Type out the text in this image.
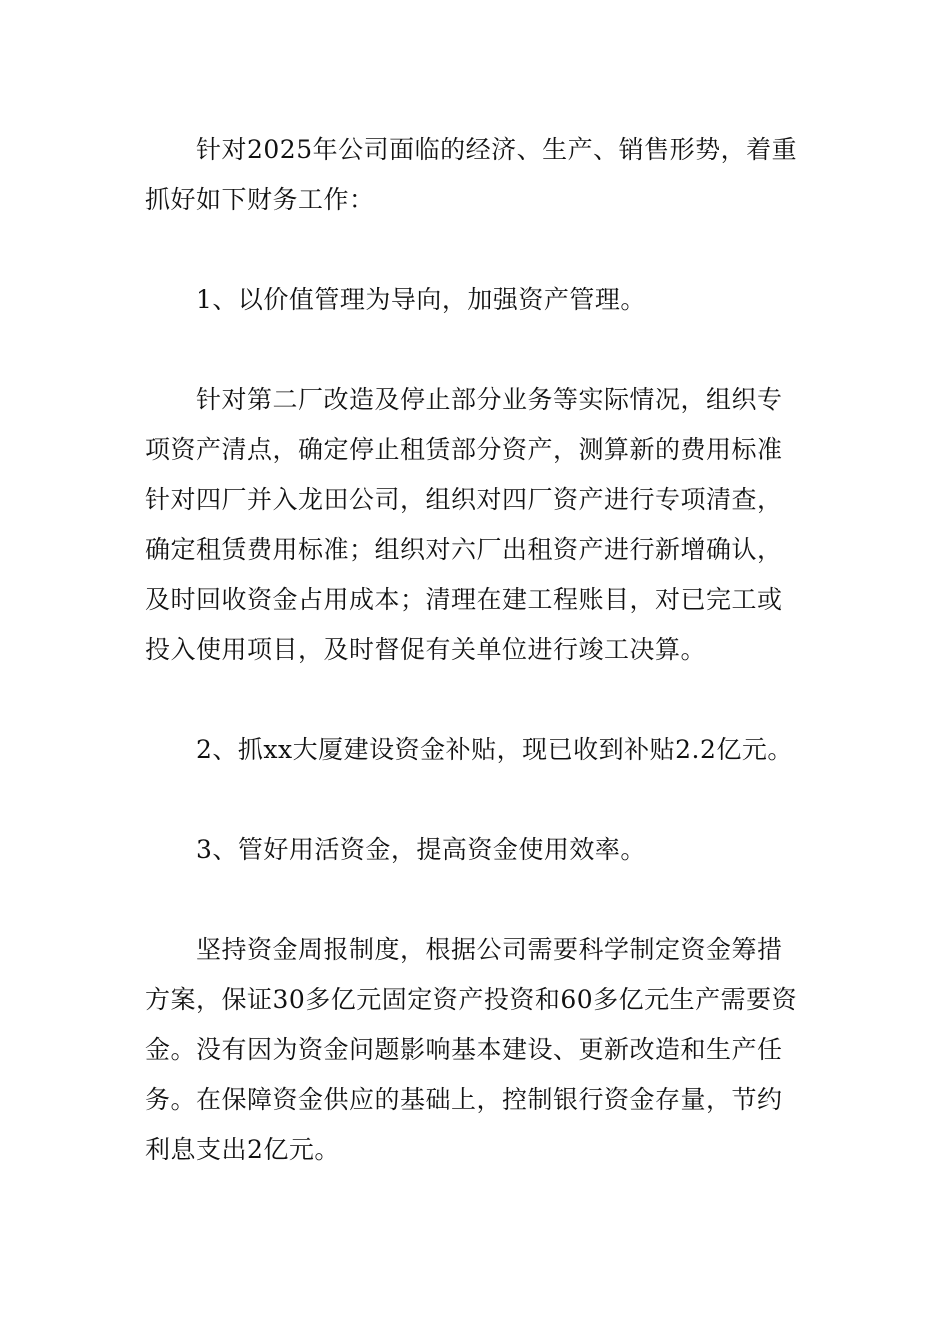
针对2025年公司面临的经济、生产、销售形势，着重
抓好如下财务工作：
1、以价值管理为导向，加强资产管理。
针对第二厂改造及停止部分业务等实际情况，组织专
项资产清点，确定停止租赁部分资产，测算新的费用标准
针对四厂并入龙田公司，组织对四厂资产进行专项清查，
确定租赁费用标准；组织对六厂出租资产进行新增确认，
及时回收资金占用成本；清理在建工程账目，对已完工或
投入使用项目，及时督促有关单位进行竣工决算。
2、抓xx大厦建设资金补贴，现已收到补贴2.2亿元。
3、管好用活资金，提高资金使用效率。
坚持资金周报制度，根据公司需要科学制定资金筹措
方案，保证30多亿元固定资产投资和60多亿元生产需要资
金。没有因为资金问题影响基本建设、更新改造和生产任
务。在保障资金供应的基础上，控制银行资金存量，节约
利息支出2亿元。
